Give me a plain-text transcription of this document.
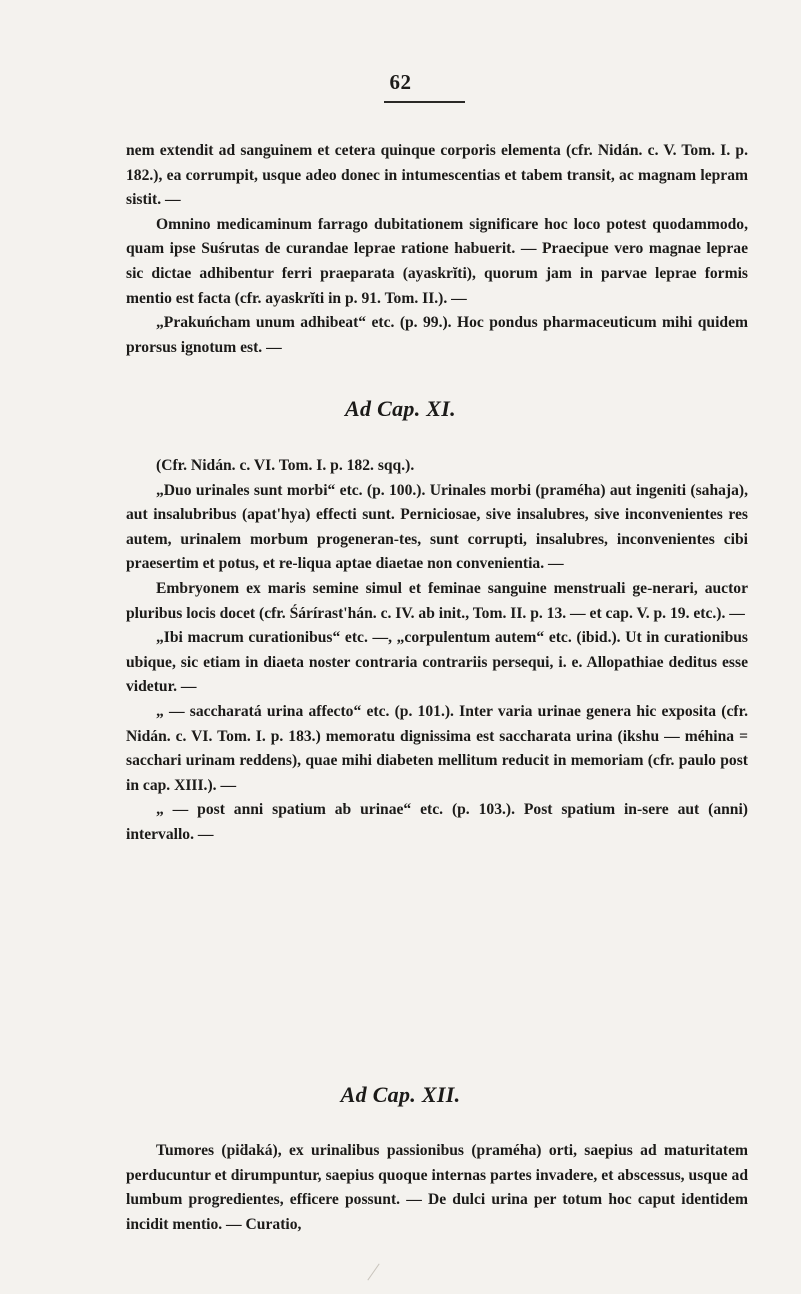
62

nem extendit ad sanguinem et cetera quinque corporis elementa (cfr. Nidán. c. V. Tom. I. p. 182.), ea corrumpit, usque adeo donec in intumescentias et tabem transit, ac magnam lepram sistit. —

Omnino medicaminum farrago dubitationem significare hoc loco potest quodammodo, quam ipse Suśrutas de curandae leprae ratione habuerit. — Praecipue vero magnae leprae sic dictae adhibentur ferri praeparata (ayaskrĭti), quorum jam in parvae leprae formis mentio est facta (cfr. ayaskrĭti in p. 91. Tom. II.). —

„Prakuńcham unum adhibeat“ etc. (p. 99.). Hoc pondus pharmaceuticum mihi quidem prorsus ignotum est. —

Ad Cap. XI.

(Cfr. Nidán. c. VI. Tom. I. p. 182. sqq.).

„Duo urinales sunt morbi“ etc. (p. 100.). Urinales morbi (praméha) aut ingeniti (sahaja), aut insalubribus (apat'hya) effecti sunt. Perniciosae, sive insalubres, sive inconvenientes res autem, urinalem morbum progeneran-tes, sunt corrupti, insalubres, inconvenientes cibi praesertim et potus, et re-liqua aptae diaetae non convenientia. —

Embryonem ex maris semine simul et feminae sanguine menstruali ge-nerari, auctor pluribus locis docet (cfr. Śárírast'hán. c. IV. ab init., Tom. II. p. 13. — et cap. V. p. 19. etc.). —

„Ibi macrum curationibus“ etc. —, „corpulentum autem“ etc. (ibid.). Ut in curationibus ubique, sic etiam in diaeta noster contraria contrariis persequi, i. e. Allopathiae deditus esse videtur. —

„ — saccharatá urina affecto“ etc. (p. 101.). Inter varia urinae genera hic exposita (cfr. Nidán. c. VI. Tom. I. p. 183.) memoratu dignissima est saccharata urina (ikshu — méhina = sacchari urinam reddens), quae mihi diabeten mellitum reducit in memoriam (cfr. paulo post in cap. XIII.). —

„ — post anni spatium ab urinae“ etc. (p. 103.). Post spatium in-sere aut (anni) intervallo. —

Ad Cap. XII.

Tumores (piḋaká), ex urinalibus passionibus (praméha) orti, saepius ad maturitatem perducuntur et dirumpuntur, saepius quoque internas partes invadere, et abscessus, usque ad lumbum progredientes, efficere possunt. — De dulci urina per totum hoc caput identidem incidit mentio. — Curatio,
